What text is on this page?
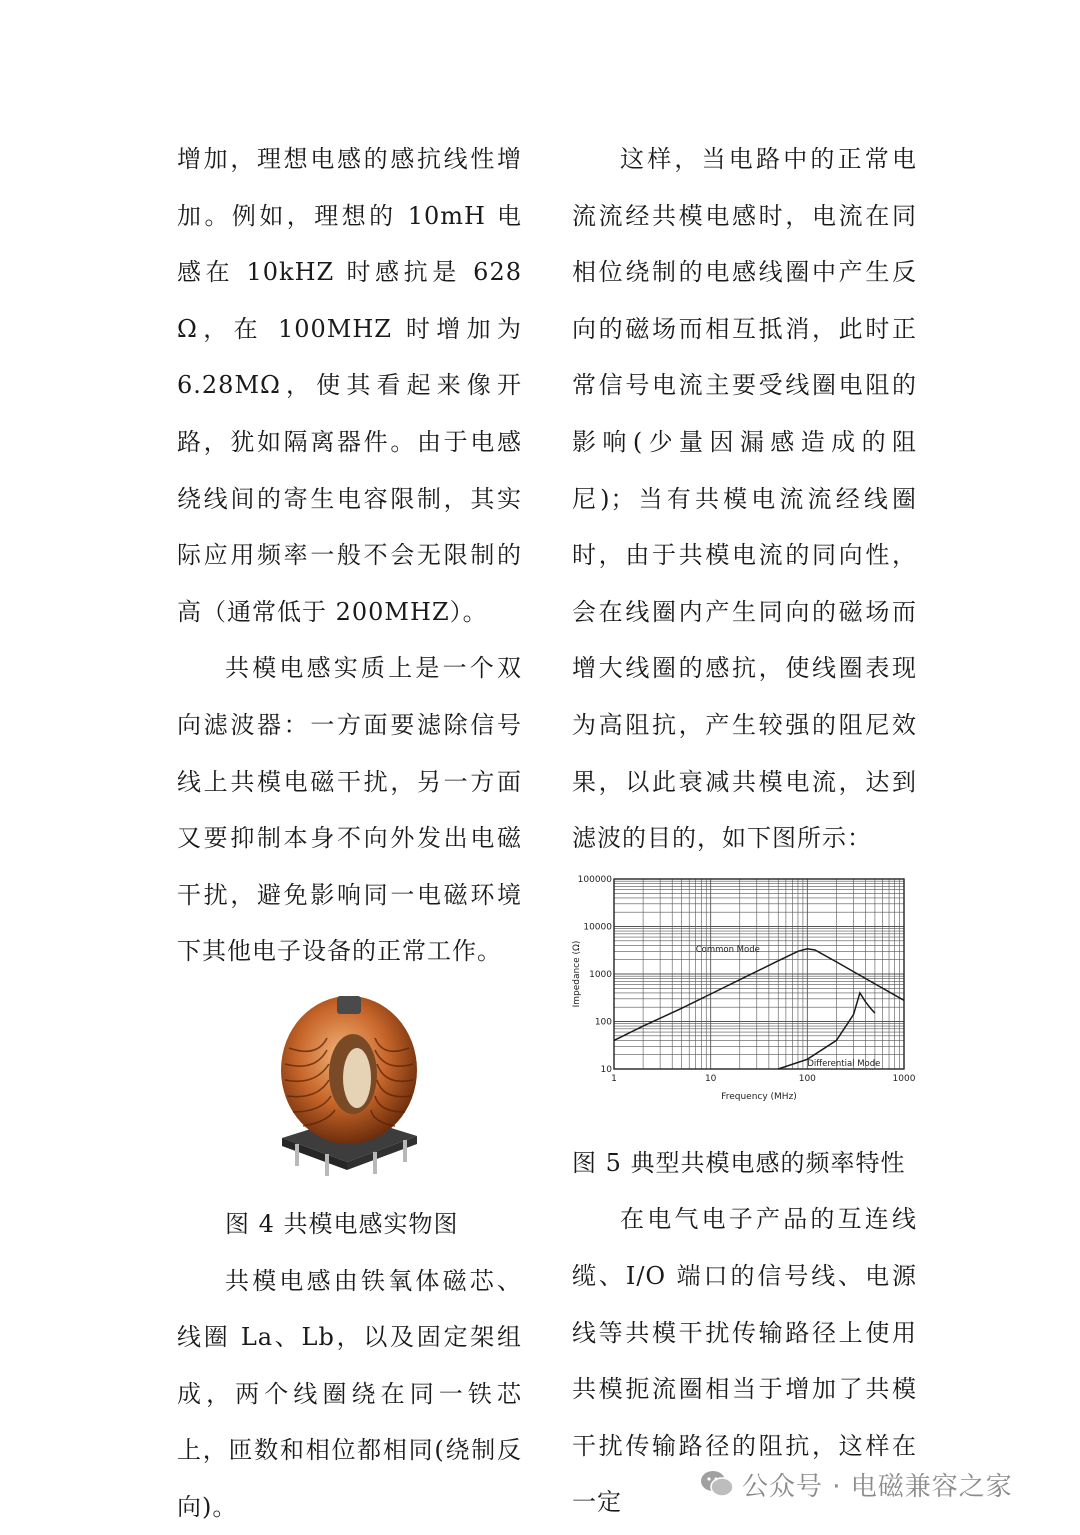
增加，理想电感的感抗线性增加。例如，理想的 10mH 电感在 10kHZ 时感抗是 628 Ω，在 100MHZ 时增加为 6.28MΩ，使其看起来像开路，犹如隔离器件。由于电感绕线间的寄生电容限制，其实际应用频率一般不会无限制的高（通常低于 200MHZ）。

共模电感实质上是一个双向滤波器：一方面要滤除信号线上共模电磁干扰，另一方面又要抑制本身不向外发出电磁干扰，避免影响同一电磁环境下其他电子设备的正常工作。

图 4 共模电感实物图

共模电感由铁氧体磁芯、线圈 La、Lb，以及固定架组成，两个线圈绕在同一铁芯上，匝数和相位都相同(绕制反向)。

这样，当电路中的正常电流流经共模电感时，电流在同相位绕制的电感线圈中产生反向的磁场而相互抵消，此时正常信号电流主要受线圈电阻的影响(少量因漏感造成的阻尼)；当有共模电流流经线圈时，由于共模电流的同向性，会在线圈内产生同向的磁场而增大线圈的感抗，使线圈表现为高阻抗，产生较强的阻尼效果，以此衰减共模电流，达到滤波的目的，如下图所示：

1	10	100	1000
10
100
1000
10000
100000
Frequency (MHz)
Impedance (Ω)	Common Mode
Differential Mode

图 5 典型共模电感的频率特性

在电气电子产品的互连线缆、I/O 端口的信号线、电源线等共模干扰传输路径上使用共模扼流圈相当于增加了共模干扰传输路径的阻抗，这样在一定

公众号 · 电磁兼容之家
